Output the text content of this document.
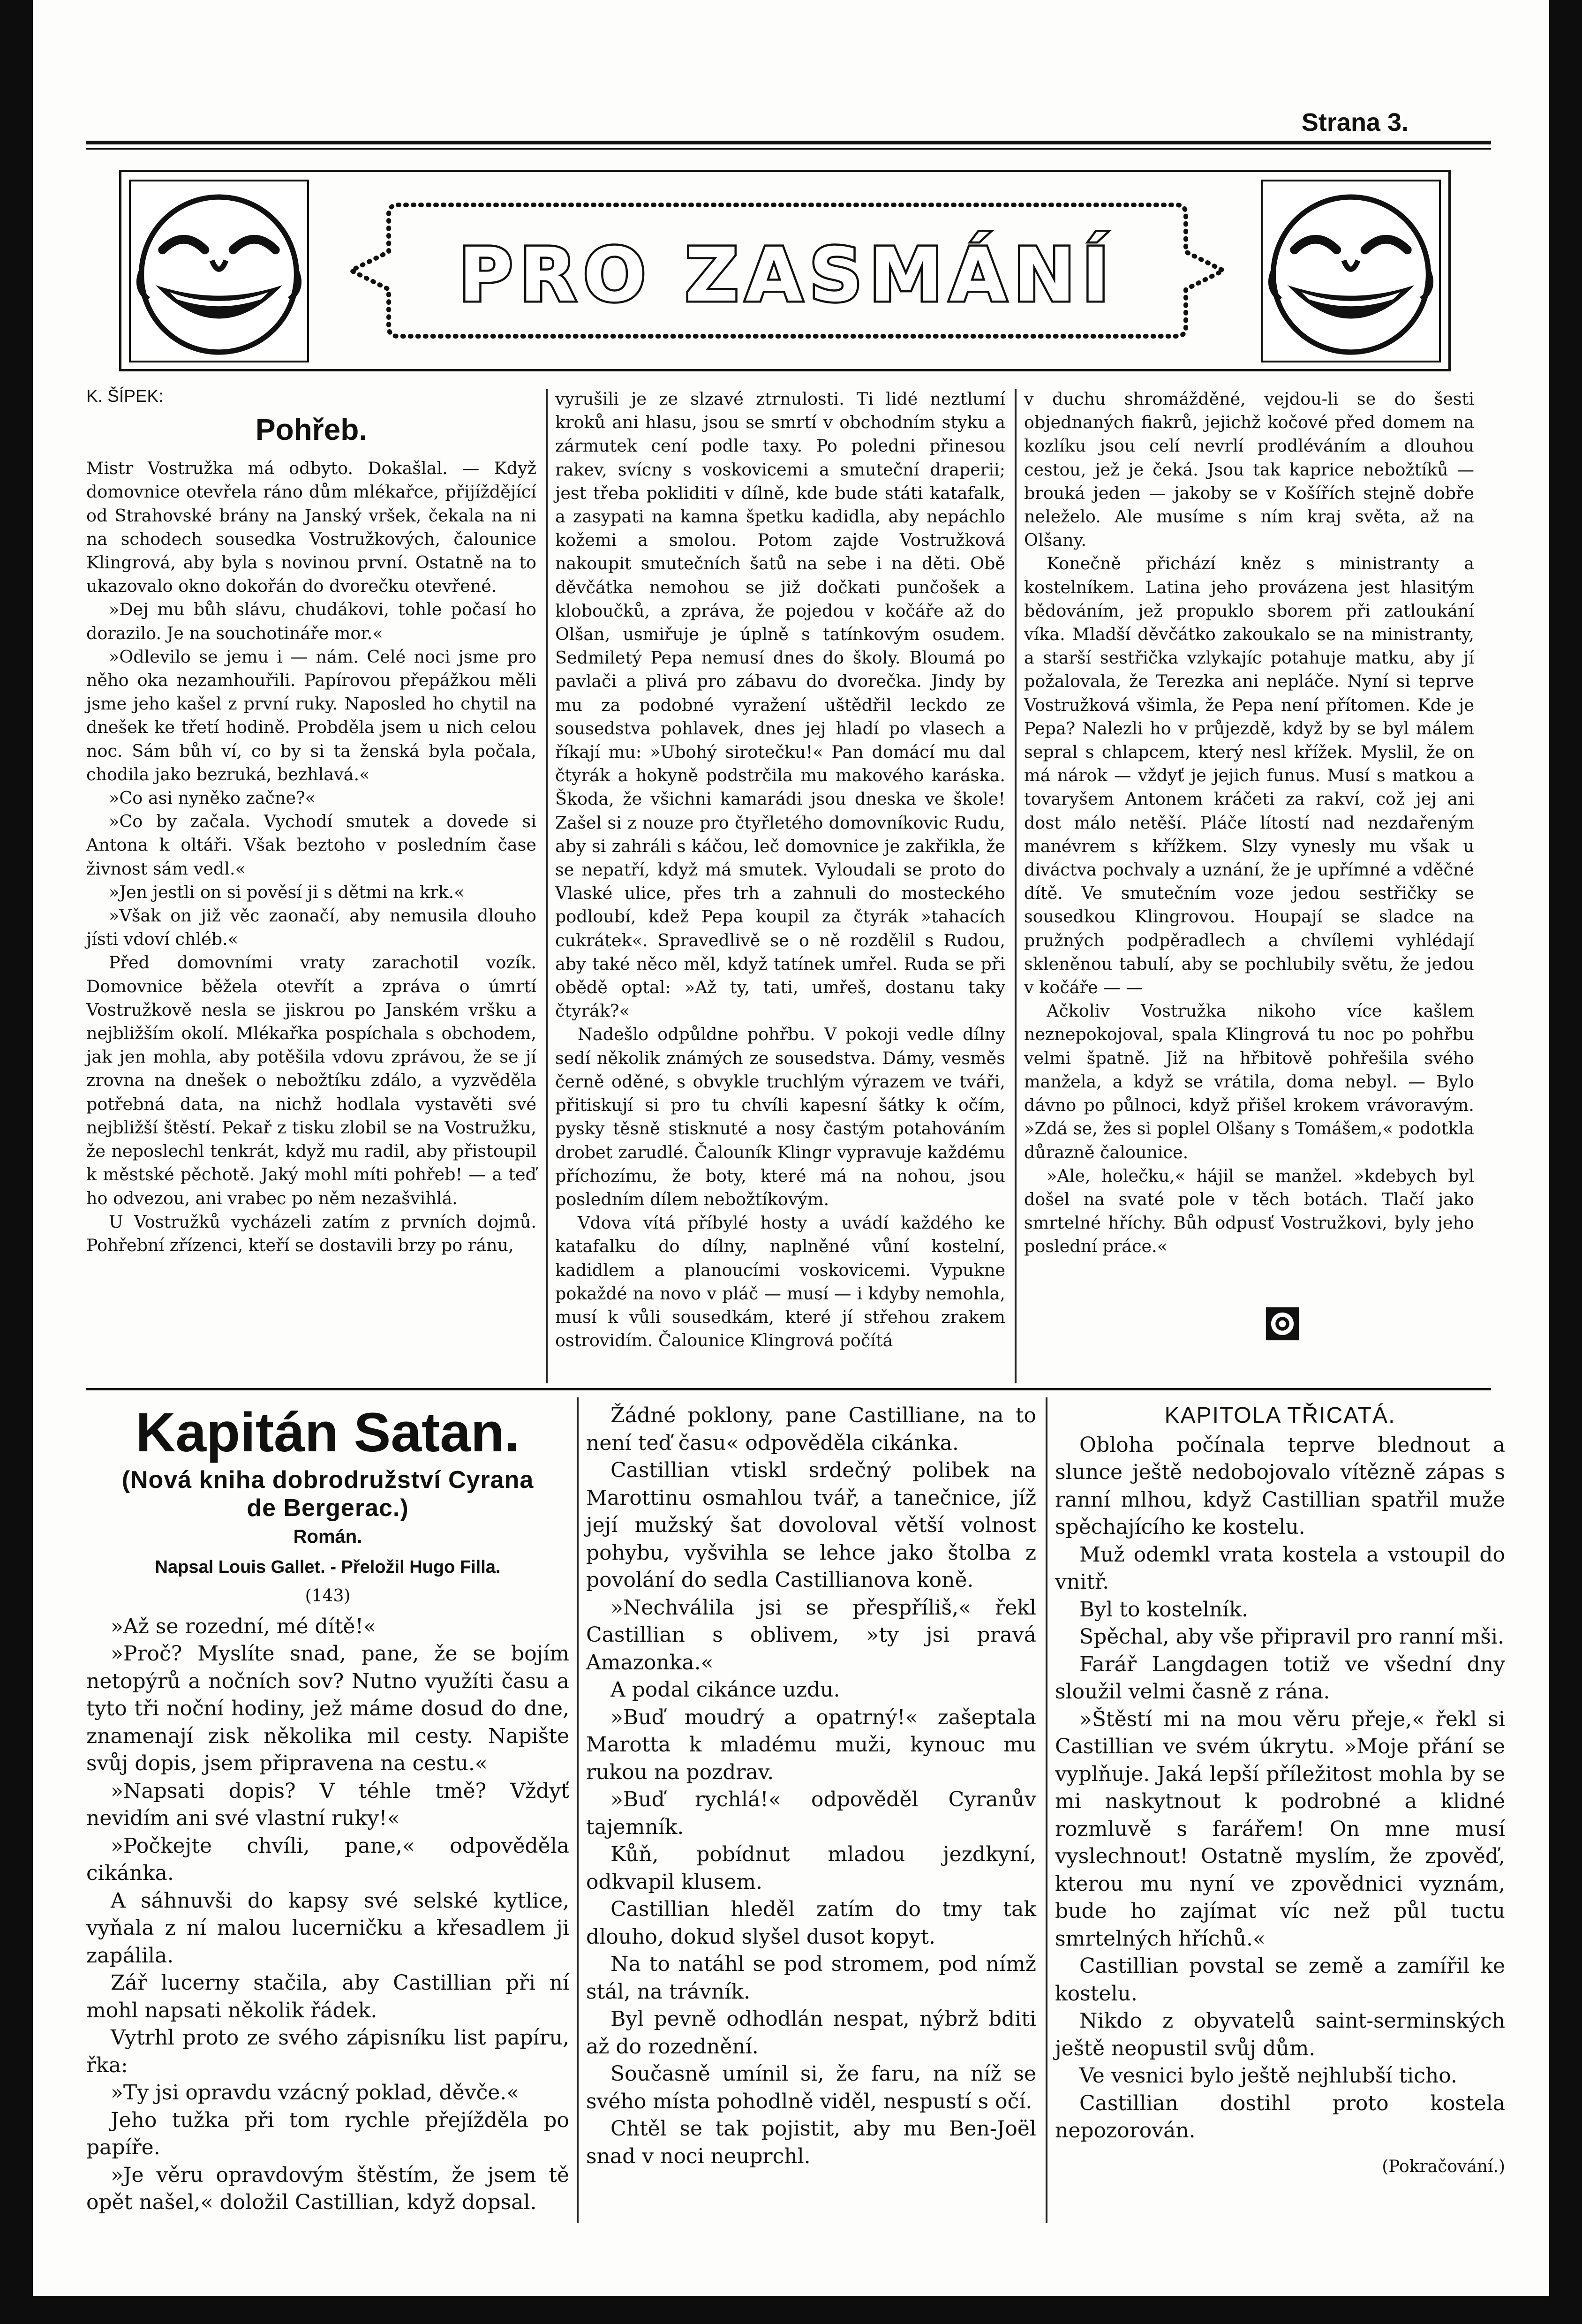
Strana 3.
PRO ZASMÁNÍ
K. ŠÍPEK:
Pohřeb.

Mistr Vostružka má odbyto. Dokašlal. — Když domovnice otevřela ráno dům mlékařce, přijíždějící od Strahovské brány na Janský vršek, čekala na ni na schodech sousedka Vostružkových, čalounice Klingrová, aby byla s novinou první. Ostatně na to ukazovalo okno dokořán do dvorečku otevřené.

»Dej mu bůh slávu, chudákovi, tohle počasí ho dorazilo. Je na souchotináře mor.«

»Odlevilo se jemu i — nám. Celé noci jsme pro něho oka nezamhouřili. Papírovou přepážkou měli jsme jeho kašel z první ruky. Naposled ho chytil na dnešek ke třetí hodině. Probděla jsem u nich celou noc. Sám bůh ví, co by si ta ženská byla počala, chodila jako bezruká, bezhlavá.«

»Co asi nyněko začne?«

»Co by začala. Vychodí smutek a dovede si Antona k oltáři. Však beztoho v posledním čase živnost sám vedl.«

»Jen jestli on si pověsí ji s dětmi na krk.«

»Však on již věc zaonačí, aby nemusila dlouho jísti vdoví chléb.«

Před domovními vraty zarachotil vozík. Domovnice běžela otevřít a zpráva o úmrtí Vostružkově nesla se jiskrou po Janském vršku a nejbližším okolí. Mlékařka pospíchala s obchodem, jak jen mohla, aby potěšila vdovu zprávou, že se jí zrovna na dnešek o nebožtíku zdálo, a vyzvěděla potřebná data, na nichž hodlala vystavěti své nejbližší štěstí. Pekař z tisku zlobil se na Vostružku, že neposlechl tenkrát, když mu radil, aby přistoupil k městské pěchotě. Jaký mohl míti pohřeb! — a teď ho odvezou, ani vrabec po něm nezašvihlá.

U Vostružků vycházeli zatím z prvních dojmů. Pohřební zřízenci, kteří se dostavili brzy po ránu,

vyrušili je ze slzavé ztrnulosti. Ti lidé neztlumí kroků ani hlasu, jsou se smrtí v obchodním styku a zármutek cení podle taxy. Po poledni přinesou rakev, svícny s voskovicemi a smuteční draperii; jest třeba pokliditi v dílně, kde bude státi katafalk, a zasypati na kamna špetku kadidla, aby nepáchlo kožemi a smolou. Potom zajde Vostružková nakoupit smutečních šatů na sebe i na děti. Obě děvčátka nemohou se již dočkati punčošek a kloboučků, a zpráva, že pojedou v kočáře až do Olšan, usmiřuje je úplně s tatínkovým osudem. Sedmiletý Pepa nemusí dnes do školy. Bloumá po pavlači a plivá pro zábavu do dvorečka. Jindy by mu za podobné vyražení uštědřil leckdo ze sousedstva pohlavek, dnes jej hladí po vlasech a říkají mu: »Ubohý sirotečku!« Pan domácí mu dal čtyrák a hokyně podstrčila mu makového karáska. Škoda, že všichni kamarádi jsou dneska ve škole! Zašel si z nouze pro čtyřletého domovníkovic Rudu, aby si zahráli s káčou, leč domovnice je zakřikla, že se nepatří, když má smutek. Vyloudali se proto do Vlaské ulice, přes trh a zahnuli do mosteckého podloubí, kdež Pepa koupil za čtyrák »tahacích cukrátek«. Spravedlivě se o ně rozdělil s Rudou, aby také něco měl, když tatínek umřel. Ruda se při obědě optal: »Až ty, tati, umřeš, dostanu taky čtyrák?«

Nadešlo odpůldne pohřbu. V pokoji vedle dílny sedí několik známých ze sousedstva. Dámy, vesměs černě oděné, s obvykle truchlým výrazem ve tváři, přitiskují si pro tu chvíli kapesní šátky k očím, pysky těsně stisknuté a nosy častým potahováním drobet zarudlé. Čalouník Klingr vypravuje každému příchozímu, že boty, které má na nohou, jsou posledním dílem nebožtíkovým.

Vdova vítá příbylé hosty a uvádí každého ke katafalku do dílny, naplněné vůní kostelní, kadidlem a planoucími voskovicemi. Vypukne pokaždé na novo v pláč — musí — i kdyby nemohla, musí k vůli sousedkám, které jí střehou zrakem ostrovidím. Čalounice Klingrová počítá

v duchu shromážděné, vejdou-li se do šesti objednaných fiakrů, jejichž kočové před domem na kozlíku jsou celí nevrlí prodléváním a dlouhou cestou, jež je čeká. Jsou tak kaprice nebožtíků — brouká jeden — jakoby se v Košířích stejně dobře neleželo. Ale musíme s ním kraj světa, až na Olšany.

Konečně přichází kněz s ministranty a kostelníkem. Latina jeho provázena jest hlasitým bědováním, jež propuklo sborem při zatloukání víka. Mladší děvčátko zakoukalo se na ministranty, a starší sestřička vzlykajíc potahuje matku, aby jí požalovala, že Terezka ani nepláče. Nyní si teprve Vostružková všimla, že Pepa není přítomen. Kde je Pepa? Nalezli ho v průjezdě, když by se byl málem sepral s chlapcem, který nesl křížek. Myslil, že on má nárok — vždyť je jejich funus. Musí s matkou a tovaryšem Antonem kráčeti za rakví, což jej ani dost málo netěší. Pláče lítostí nad nezdařeným manévrem s křížkem. Slzy vynesly mu však u diváctva pochvaly a uznání, že je upřímné a vděčné dítě. Ve smutečním voze jedou sestřičky se sousedkou Klingrovou. Houpají se sladce na pružných podpěradlech a chvílemi vyhlédají skleněnou tabulí, aby se pochlubily světu, že jedou v kočáře — —

Ačkoliv Vostružka nikoho více kašlem neznepokojoval, spala Klingrová tu noc po pohřbu velmi špatně. Již na hřbitově pohřešila svého manžela, a když se vrátila, doma nebyl. — Bylo dávno po půlnoci, když přišel krokem vrávoravým. »Zdá se, žes si poplel Olšany s Tomášem,« podotkla důrazně čalounice.

»Ale, holečku,« hájil se manžel. »kdebych byl došel na svaté pole v těch botách. Tlačí jako smrtelné hříchy. Bůh odpusť Vostružkovi, byly jeho poslední práce.«

Kapitán Satan.
(Nová kniha dobrodružství Cyrana
de Bergerac.)
Román.
Napsal Louis Gallet. - Přeložil Hugo Filla.
(143)

»Až se rozední, mé dítě!«

»Proč? Myslíte snad, pane, že se bojím netopýrů a nočních sov? Nutno využíti času a tyto tři noční hodiny, jež máme dosud do dne, znamenají zisk několika mil cesty. Napište svůj dopis, jsem připravena na cestu.«

»Napsati dopis? V téhle tmě? Vždyť nevidím ani své vlastní ruky!«

»Počkejte chvíli, pane,« odpověděla cikánka.

A sáhnuvši do kapsy své selské kytlice, vyňala z ní malou lucerničku a křesadlem ji zapálila.

Zář lucerny stačila, aby Castillian při ní mohl napsati několik řádek.

Vytrhl proto ze svého zápisníku list papíru, řka:

»Ty jsi opravdu vzácný poklad, děvče.«

Jeho tužka při tom rychle přejížděla po papíře.

»Je věru opravdovým štěstím, že jsem tě opět našel,« doložil Castillian, když dopsal.

Žádné poklony, pane Castilliane, na to není teď času« odpověděla cikánka.

Castillian vtiskl srdečný polibek na Marottinu osmahlou tvář, a tanečnice, jíž její mužský šat dovoloval větší volnost pohybu, vyšvihla se lehce jako štolba z povolání do sedla Castillianova koně.

»Nechválila jsi se přespříliš,« řekl Castillian s oblivem, »ty jsi pravá Amazonka.«

A podal cikánce uzdu.

»Buď moudrý a opatrný!« zašeptala Marotta k mladému muži, kynouc mu rukou na pozdrav.

»Buď rychlá!« odpověděl Cyranův tajemník.

Kůň, pobídnut mladou jezdkyní, odkvapil klusem.

Castillian hleděl zatím do tmy tak dlouho, dokud slyšel dusot kopyt.

Na to natáhl se pod stromem, pod nímž stál, na trávník.

Byl pevně odhodlán nespat, nýbrž bditi až do rozednění.

Současně umínil si, že faru, na níž se svého místa pohodlně viděl, nespustí s očí.

Chtěl se tak pojistit, aby mu Ben-Joël snad v noci neuprchl.

KAPITOLA TŘICATÁ.

Obloha počínala teprve blednout a slunce ještě nedobojovalo vítězně zápas s ranní mlhou, když Castillian spatřil muže spěchajícího ke kostelu.

Muž odemkl vrata kostela a vstoupil do vnitř.

Byl to kostelník.

Spěchal, aby vše připravil pro ranní mši.

Farář Langdagen totiž ve všední dny sloužil velmi časně z rána.

»Štěstí mi na mou věru přeje,« řekl si Castillian ve svém úkrytu. »Moje přání se vyplňuje. Jaká lepší příležitost mohla by se mi naskytnout k podrobné a klidné rozmluvě s farářem! On mne musí vyslechnout! Ostatně myslím, že zpověď, kterou mu nyní ve zpovědnici vyznám, bude ho zajímat víc než půl tuctu smrtelných hříchů.«

Castillian povstal se země a zamířil ke kostelu.

Nikdo z obyvatelů saint-serminských ještě neopustil svůj dům.

Ve vesnici bylo ještě nejhlubší ticho.

Castillian dostihl proto kostela nepozorován.

(Pokračování.)
